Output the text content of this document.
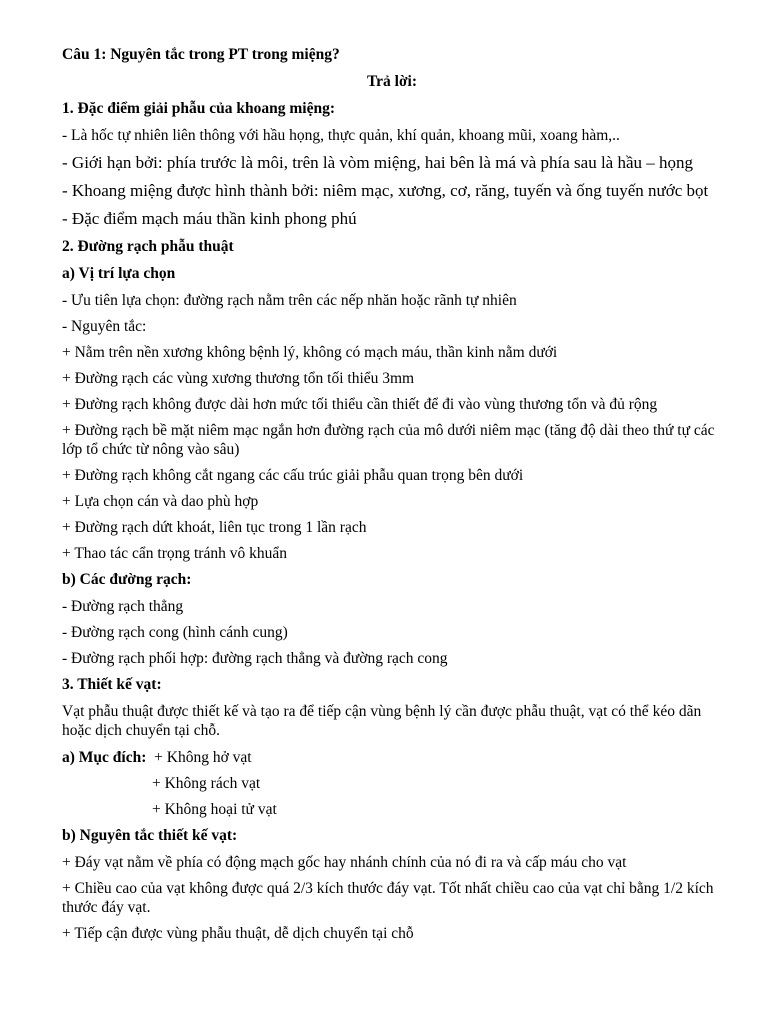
Câu 1: Nguyên tắc trong PT trong miệng?

Trả lời:

1. Đặc điểm giải phẫu của khoang miệng:

- Là hốc tự nhiên liên thông với hầu họng, thực quản, khí quản, khoang mũi, xoang hàm,..

- Giới hạn bởi: phía trước là môi, trên là vòm miệng, hai bên là má và phía sau là hầu – họng

- Khoang miệng được hình thành bởi: niêm mạc, xương, cơ, răng, tuyến và ống tuyến nước bọt

- Đặc điểm mạch máu thần kinh phong phú

2. Đường rạch phẫu thuật

a) Vị trí lựa chọn

- Ưu tiên lựa chọn: đường rạch nằm trên các nếp nhăn hoặc rãnh tự nhiên

- Nguyên tắc:

+ Nằm trên nền xương không bệnh lý, không có mạch máu, thần kinh nằm dưới

+ Đường rạch các vùng xương thương tổn tối thiểu 3mm

+ Đường rạch không được dài hơn mức tối thiểu cần thiết để đi vào vùng thương tổn và đủ rộng

+ Đường rạch bề mặt niêm mạc ngắn hơn đường rạch của mô dưới niêm mạc (tăng độ dài theo thứ tự các lớp tổ chức từ nông vào sâu)

+ Đường rạch không cắt ngang các cấu trúc giải phẫu quan trọng bên dưới

+ Lựa chọn cán và dao phù hợp

+ Đường rạch dứt khoát, liên tục trong 1 lần rạch

+ Thao tác cẩn trọng tránh vô khuẩn

b) Các đường rạch:

- Đường rạch thẳng

- Đường rạch cong (hình cánh cung)

- Đường rạch phối hợp: đường rạch thẳng và đường rạch cong

3. Thiết kế vạt:

Vạt phẫu thuật được thiết kế và tạo ra để tiếp cận vùng bệnh lý cần được phẫu thuật, vạt có thể kéo dãn hoặc dịch chuyển tại chỗ.

a) Mục đích: + Không hở vạt

+ Không rách vạt

+ Không hoại tử vạt

b) Nguyên tắc thiết kế vạt:

+ Đáy vạt nằm về phía có động mạch gốc hay nhánh chính của nó đi ra và cấp máu cho vạt

+ Chiều cao của vạt không được quá 2/3 kích thước đáy vạt. Tốt nhất chiều cao của vạt chỉ bằng 1/2 kích thước đáy vạt.

+ Tiếp cận được vùng phẫu thuật, dễ dịch chuyển tại chỗ
